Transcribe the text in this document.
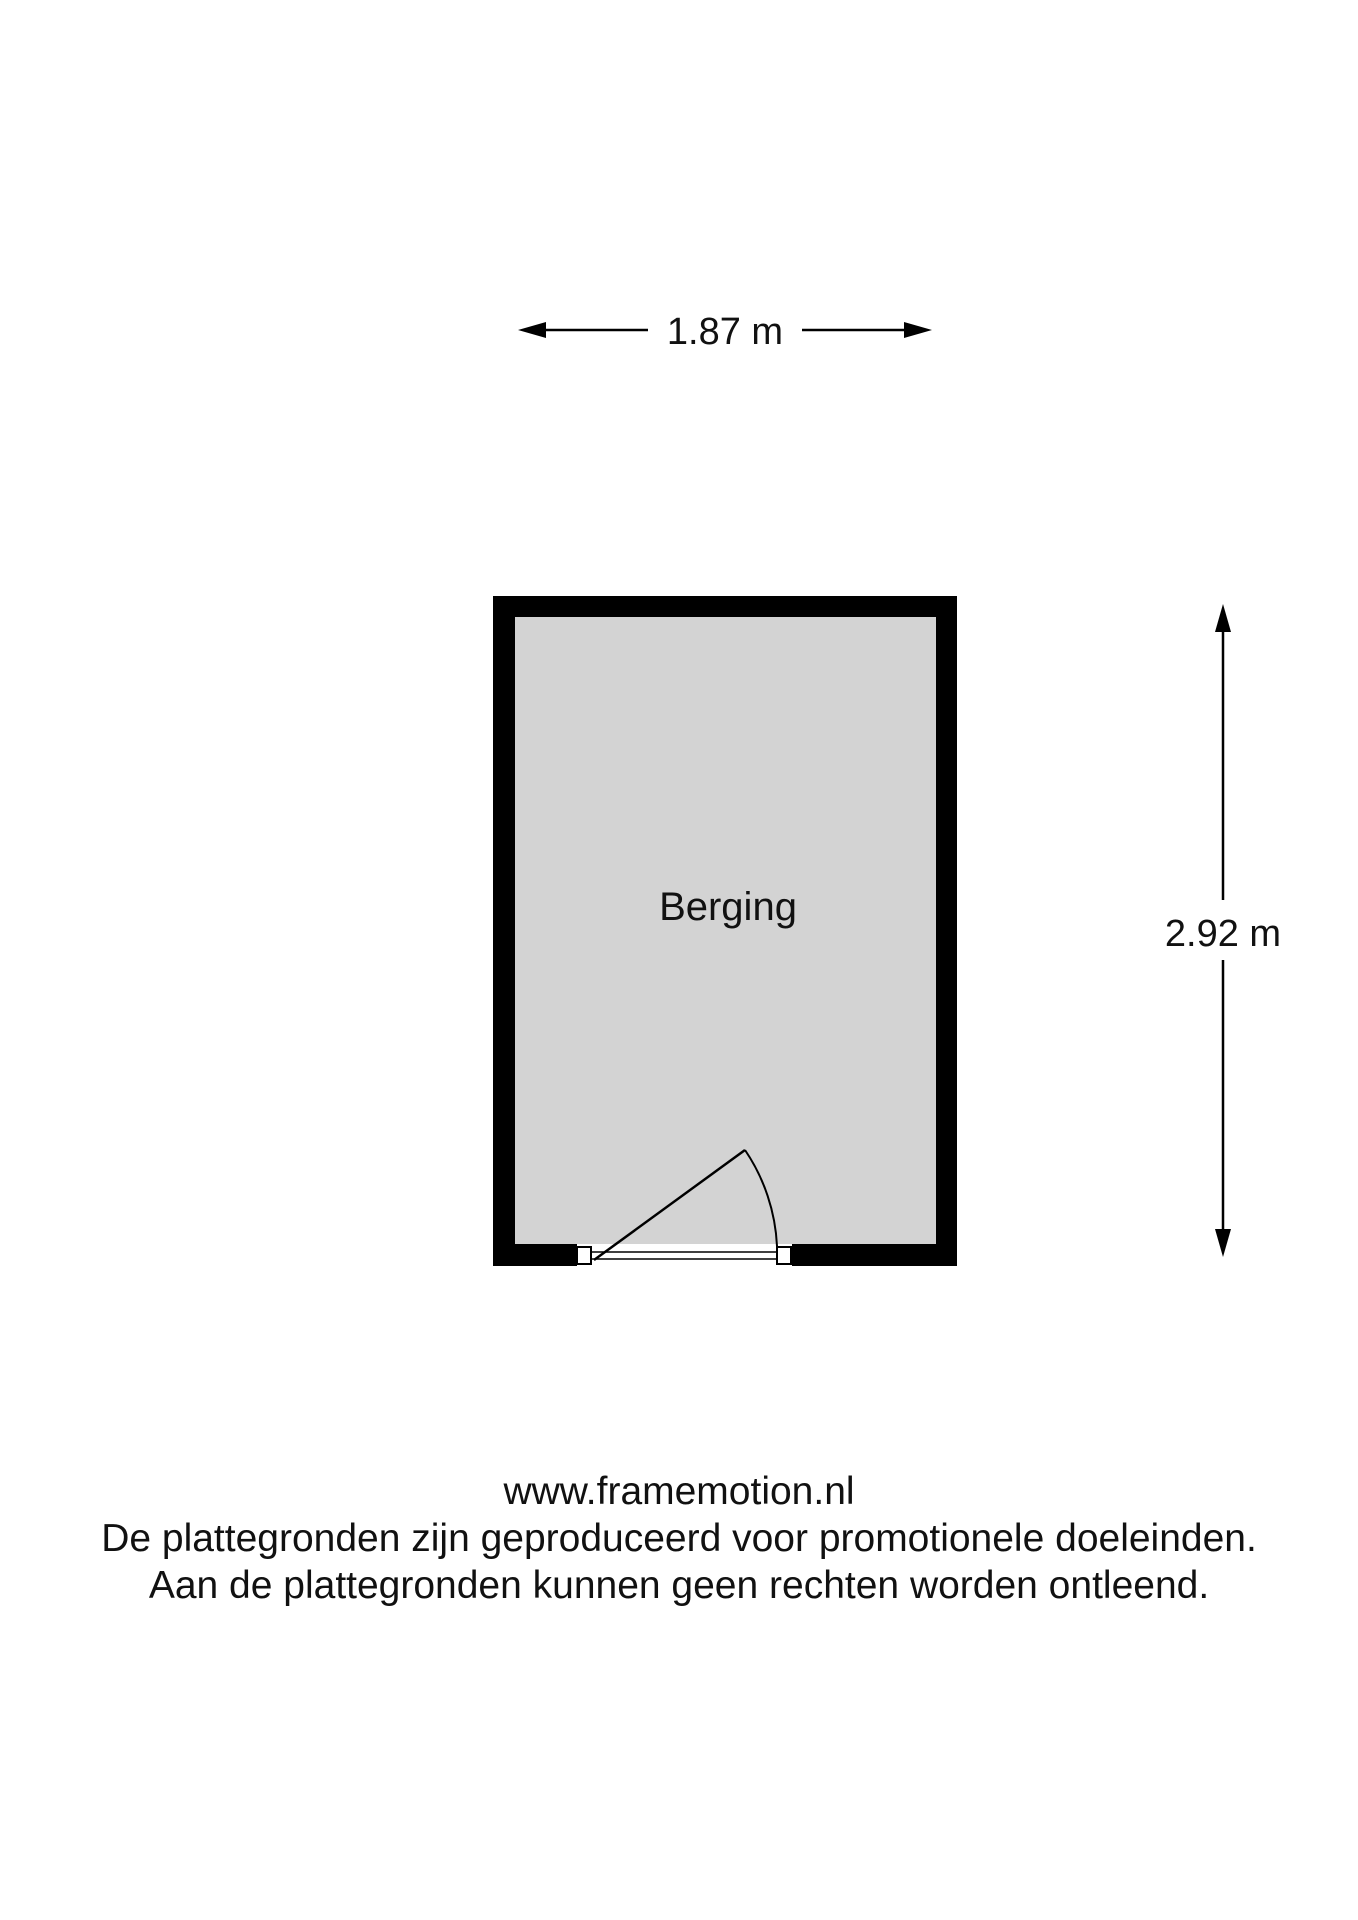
1.87 m
2.92 m
Berging
www.framemotion.nl
De plattegronden zijn geproduceerd voor promotionele doeleinden.
Aan de plattegronden kunnen geen rechten worden ontleend.
